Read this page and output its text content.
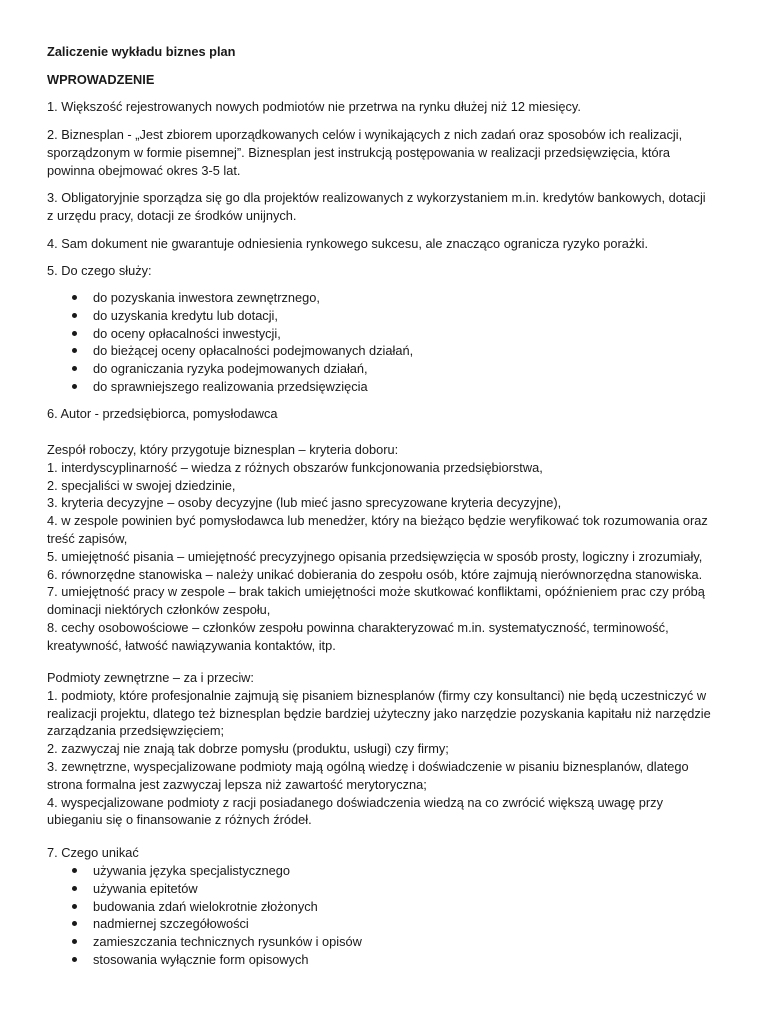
Zaliczenie wykładu biznes plan

WPROWADZENIE

1. Większość rejestrowanych nowych podmiotów nie przetrwa na rynku dłużej niż 12 miesięcy.

2. Biznesplan - „Jest zbiorem uporządkowanych celów i wynikających z nich zadań oraz sposobów ich realizacji,
sporządzonym w formie pisemnej”. Biznesplan jest instrukcją postępowania w realizacji przedsięwzięcia, która
powinna obejmować okres 3-5 lat.

3. Obligatoryjnie sporządza się go dla projektów realizowanych z wykorzystaniem m.in. kredytów bankowych, dotacji
z urzędu pracy, dotacji ze środków unijnych.

4. Sam dokument nie gwarantuje odniesienia rynkowego sukcesu, ale znacząco ogranicza ryzyko porażki.

5. Do czego służy:

do pozyskania inwestora zewnętrznego,
do uzyskania kredytu lub dotacji,
do oceny opłacalności inwestycji,
do bieżącej oceny opłacalności podejmowanych działań,
do ograniczania ryzyka podejmowanych działań,
do sprawniejszego realizowania przedsięwzięcia

6. Autor - przedsiębiorca, pomysłodawca

Zespół roboczy, który przygotuje biznesplan – kryteria doboru:
1. interdyscyplinarność – wiedza z różnych obszarów funkcjonowania przedsiębiorstwa,
2. specjaliści w swojej dziedzinie,
3. kryteria decyzyjne – osoby decyzyjne (lub mieć jasno sprecyzowane kryteria decyzyjne),
4. w zespole powinien być pomysłodawca lub menedżer, który na bieżąco będzie weryfikować tok rozumowania oraz
treść zapisów,
5. umiejętność pisania – umiejętność precyzyjnego opisania przedsięwzięcia w sposób prosty, logiczny i zrozumiały,
6. równorzędne stanowiska – należy unikać dobierania do zespołu osób, które zajmują nierównorzędna stanowiska.
7. umiejętność pracy w zespole – brak takich umiejętności może skutkować konfliktami, opóźnieniem prac czy próbą
dominacji niektórych członków zespołu,
8. cechy osobowościowe – członków zespołu powinna charakteryzować m.in. systematyczność, terminowość,
kreatywność, łatwość nawiązywania kontaktów, itp.

Podmioty zewnętrzne – za i przeciw:
1. podmioty, które profesjonalnie zajmują się pisaniem biznesplanów (firmy czy konsultanci) nie będą uczestniczyć w
realizacji projektu, dlatego też biznesplan będzie bardziej użyteczny jako narzędzie pozyskania kapitału niż narzędzie
zarządzania przedsięwzięciem;
2. zazwyczaj nie znają tak dobrze pomysłu (produktu, usługi) czy firmy;
3. zewnętrzne, wyspecjalizowane podmioty mają ogólną wiedzę i doświadczenie w pisaniu biznesplanów, dlatego
strona formalna jest zazwyczaj lepsza niż zawartość merytoryczna;
4. wyspecjalizowane podmioty z racji posiadanego doświadczenia wiedzą na co zwrócić większą uwagę przy
ubieganiu się o finansowanie z różnych źródeł.

7. Czego unikać

używania języka specjalistycznego
używania epitetów
budowania zdań wielokrotnie złożonych
nadmiernej szczegółowości
zamieszczania technicznych rysunków i opisów
stosowania wyłącznie form opisowych
